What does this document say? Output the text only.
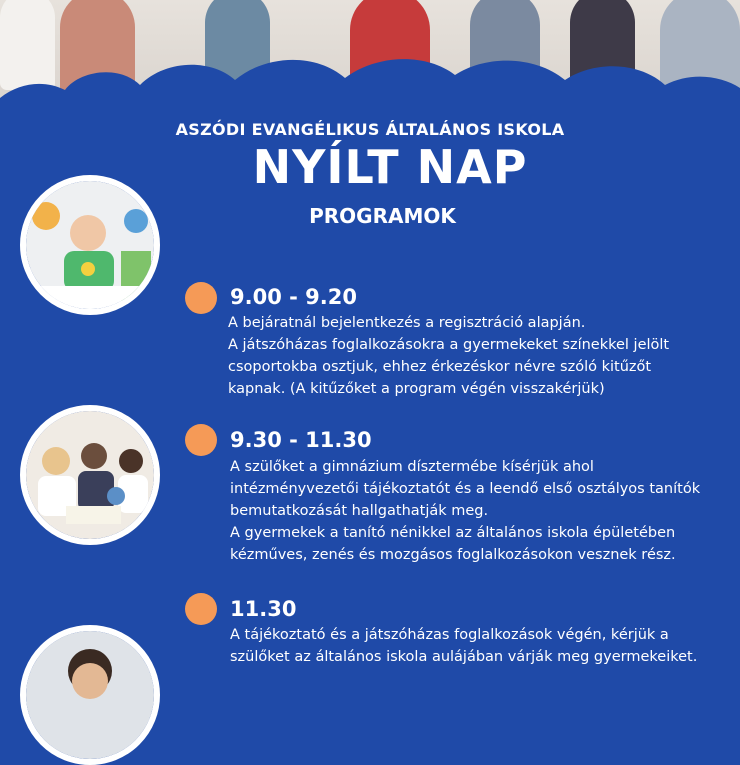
ASZÓDI EVANGÉLIKUS ÁLTALÁNOS ISKOLA
NYÍLT NAP
PROGRAMOK
9.00 - 9.20
A bejáratnál bejelentkezés a regisztráció alapján.
A játszóházas foglalkozásokra a gyermekeket színekkel jelölt
csoportokba osztjuk, ehhez érkezéskor névre szóló kitűzőt
kapnak. (A kitűzőket a program végén visszakérjük)
9.30 - 11.30
A szülőket a gimnázium dísztermébe kísérjük ahol
intézményvezetői tájékoztatót és a leendő első osztályos tanítók
bemutatkozását hallgathatják meg.
A gyermekek a tanító nénikkel az általános iskola épületében
kézműves, zenés és mozgásos foglalkozásokon vesznek rész.
11.30
A tájékoztató és a játszóházas foglalkozások végén, kérjük a
szülőket az általános iskola aulájában várják meg gyermekeiket.
